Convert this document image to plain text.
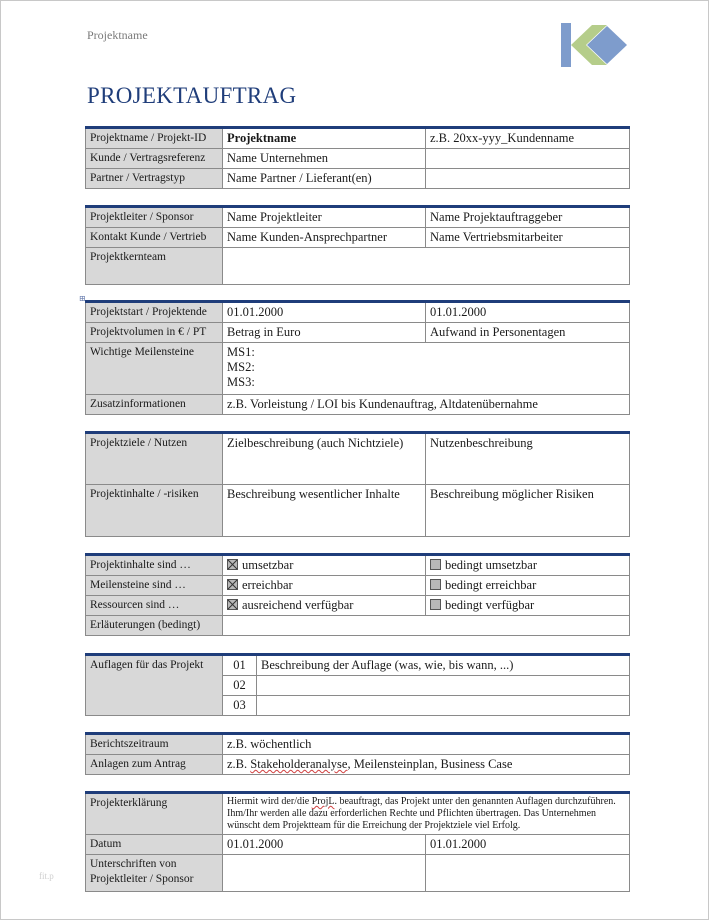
Projektname
PROJEKTAUFTRAG
Projektname / Projekt-ID	Projektname	z.B. 20xx-yyy_Kundenname
Kunde / Vertragsreferenz	Name Unternehmen	
Partner / Vertragstyp	Name Partner / Lieferant(en)	
Projektleiter / Sponsor	Name Projektleiter	Name Projektauftraggeber
Kontakt Kunde / Vertrieb	Name Kunden-Ansprechpartner	Name Vertriebsmitarbeiter
Projektkernteam		
⊞
Projektstart / Projektende	01.01.2000	01.01.2000
Projektvolumen in € / PT	Betrag in Euro	Aufwand in Personentagen
Wichtige Meilensteine	MS1:
MS2:
MS3:	

Zusatzinformationen	z.B. Vorleistung / LOI bis Kundenauftrag, Altdatenübernahme	
Projektziele / Nutzen	Zielbeschreibung (auch Nichtziele)	Nutzenbeschreibung
Projektinhalte / -risiken	Beschreibung wesentlicher Inhalte	Beschreibung möglicher Risiken
Projektinhalte sind …	umsetzbar	bedingt umsetzbar
Meilensteine sind …	erreichbar	bedingt erreichbar
Ressourcen sind …	ausreichend verfügbar	bedingt verfügbar
Erläuterungen (bedingt)		
Auflagen für das Projekt	01	Beschreibung der Auflage (was, wie, bis wann, ...)
	02	
	03	
Berichtszeitraum	z.B. wöchentlich
Anlagen zum Antrag	z.B. Stakeholderanalyse, Meilensteinplan, Business Case
Projekterklärung	Hiermit wird der/die ProjL. beauftragt, das Projekt unter den genannten Auflagen durchzuführen. Ihm/Ihr werden alle dazu erforderlichen Rechte und Pflichten übertragen. Das Unternehmen wünscht dem Projektteam für die Erreichung der Projektziele viel Erfolg.	
Datum	01.01.2000	01.01.2000
Unterschriften von Projektleiter / Sponsor		
fit.p
